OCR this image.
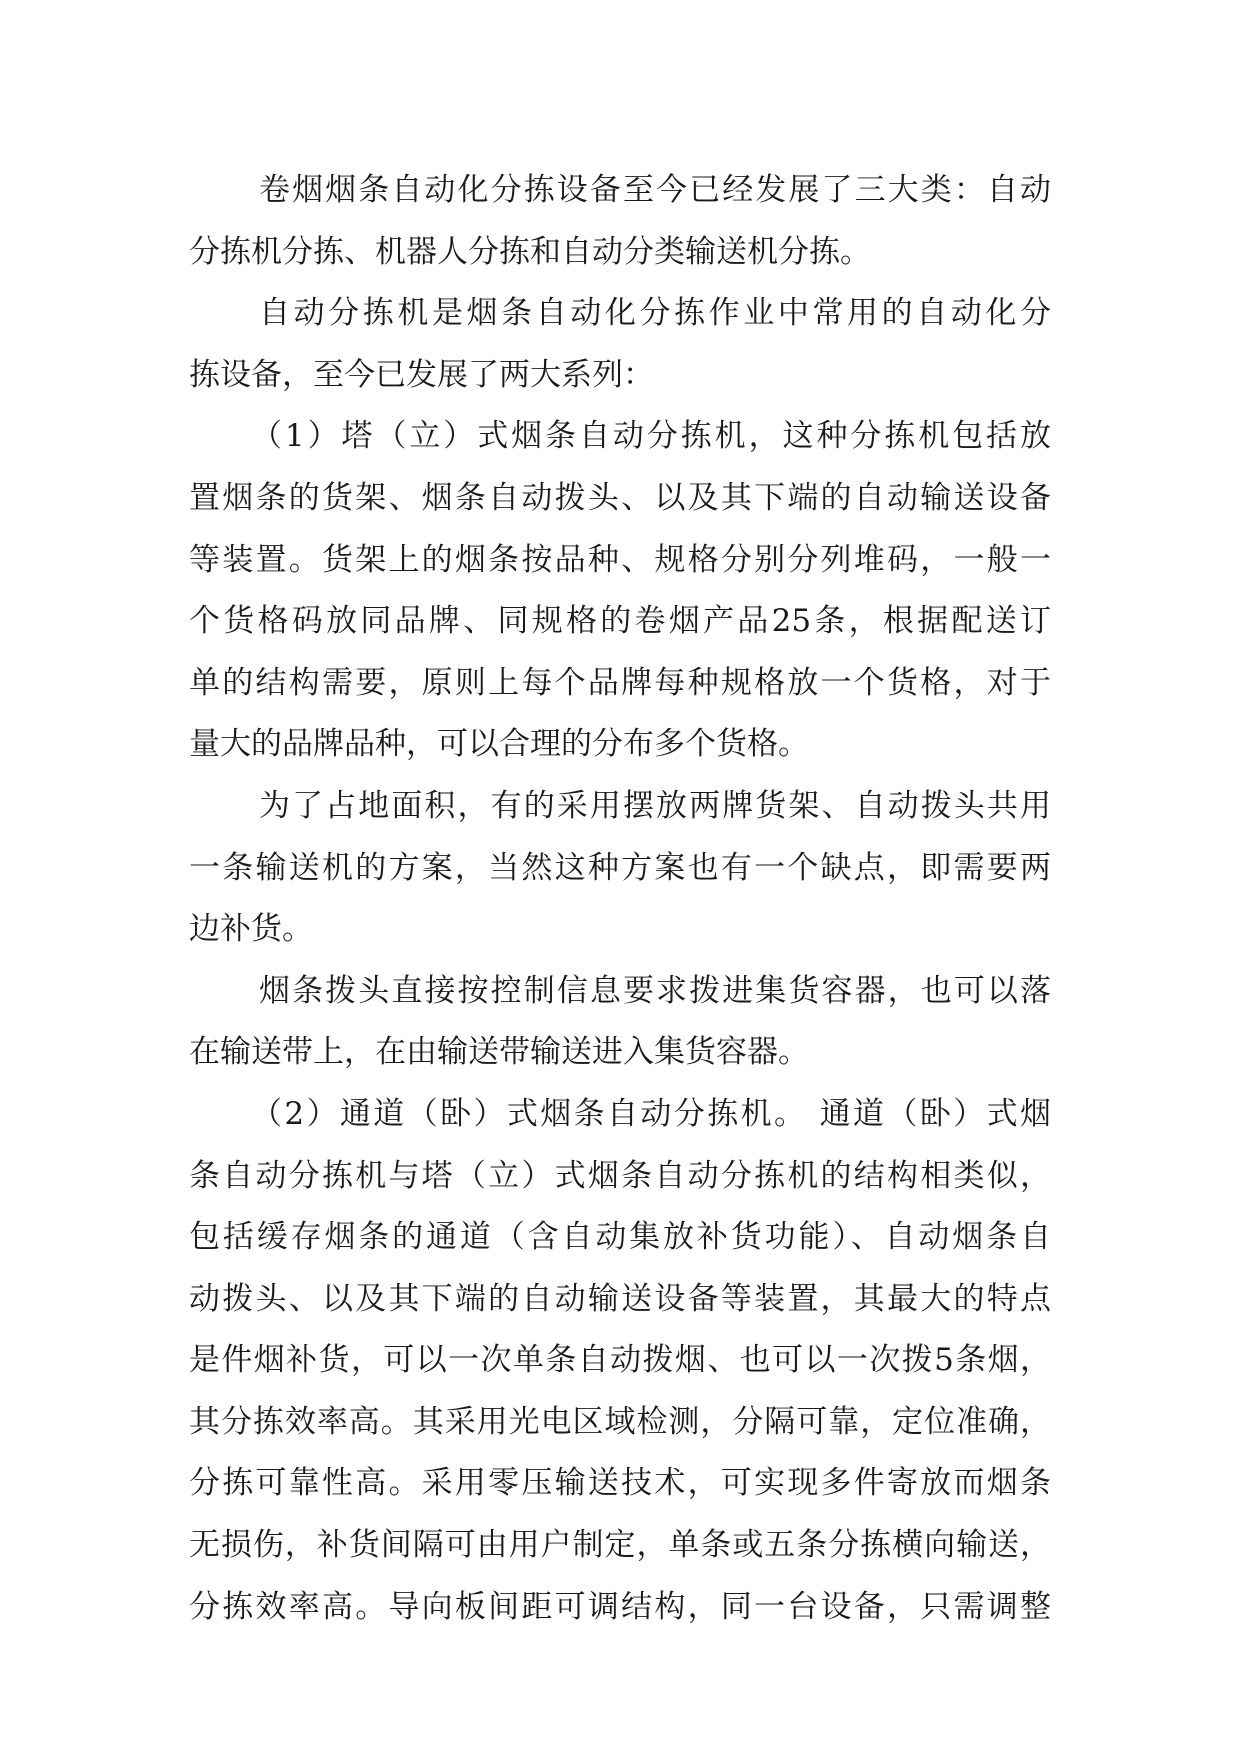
卷烟烟条自动化分拣设备至今已经发展了三大类：自动
分拣机分拣、机器人分拣和自动分类输送机分拣。
自动分拣机是烟条自动化分拣作业中常用的自动化分
拣设备，至今已发展了两大系列：
（1）塔（立）式烟条自动分拣机，这种分拣机包括放
置烟条的货架、烟条自动拨头、以及其下端的自动输送设备
等装置。货架上的烟条按品种、规格分别分列堆码，一般一
个货格码放同品牌、同规格的卷烟产品25条，根据配送订
单的结构需要，原则上每个品牌每种规格放一个货格，对于
量大的品牌品种，可以合理的分布多个货格。
为了占地面积，有的采用摆放两牌货架、自动拨头共用
一条输送机的方案，当然这种方案也有一个缺点，即需要两
边补货。
烟条拨头直接按控制信息要求拨进集货容器，也可以落
在输送带上，在由输送带输送进入集货容器。
（2）通道（卧）式烟条自动分拣机。 通道（卧）式烟
条自动分拣机与塔（立）式烟条自动分拣机的结构相类似，
包括缓存烟条的通道（含自动集放补货功能）、自动烟条自
动拨头、以及其下端的自动输送设备等装置，其最大的特点
是件烟补货，可以一次单条自动拨烟、也可以一次拨5条烟，
其分拣效率高。其采用光电区域检测，分隔可靠，定位准确，
分拣可靠性高。采用零压输送技术，可实现多件寄放而烟条
无损伤，补货间隔可由用户制定，单条或五条分拣横向输送，
分拣效率高。导向板间距可调结构，同一台设备，只需调整
